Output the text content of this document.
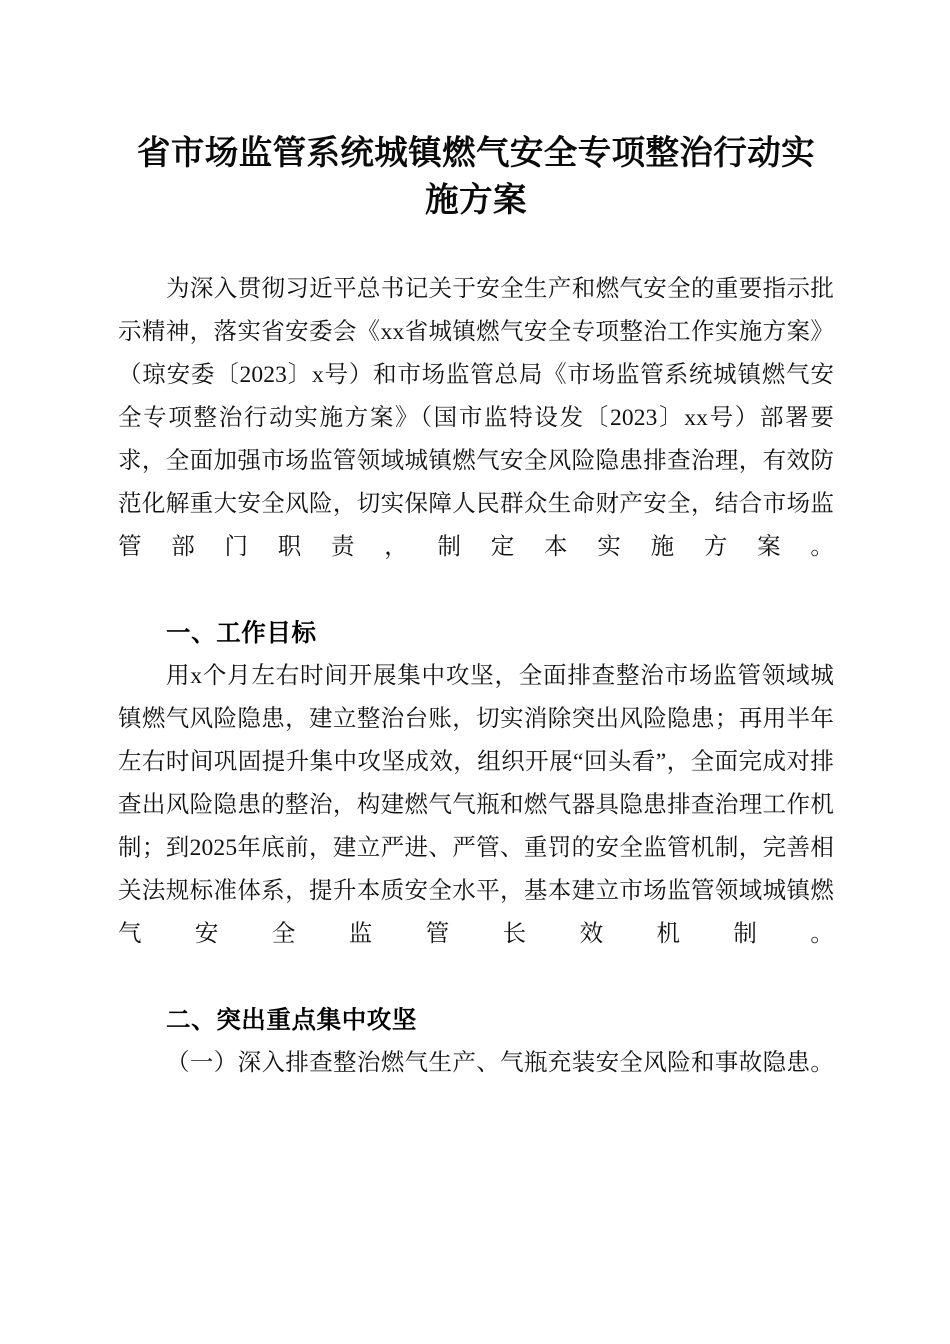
省市场监管系统城镇燃气安全专项整治行动实
施方案

为深入贯彻习近平总书记关于安全生产和燃气安全的重要指示批示精神，落实省安委会《xx省城镇燃气安全专项整治工作实施方案》（琼安委〔2023〕x号）和市场监管总局《市场监管系统城镇燃气安全专项整治行动实施方案》（国市监特设发〔2023〕xx号）部署要求，全面加强市场监管领域城镇燃气安全风险隐患排查治理，有效防范化解重大安全风险，切实保障人民群众生命财产安全，结合市场监管部门职责，制定本实施方案。

一、工作目标

用x个月左右时间开展集中攻坚，全面排查整治市场监管领域城镇燃气风险隐患，建立整治台账，切实消除突出风险隐患；再用半年左右时间巩固提升集中攻坚成效，组织开展“回头看”，全面完成对排查出风险隐患的整治，构建燃气气瓶和燃气器具隐患排查治理工作机制；到2025年底前，建立严进、严管、重罚的安全监管机制，完善相关法规标准体系，提升本质安全水平，基本建立市场监管领域城镇燃气安全监管长效机制。

二、突出重点集中攻坚

（一）深入排查整治燃气生产、气瓶充装安全风险和事故隐患。
